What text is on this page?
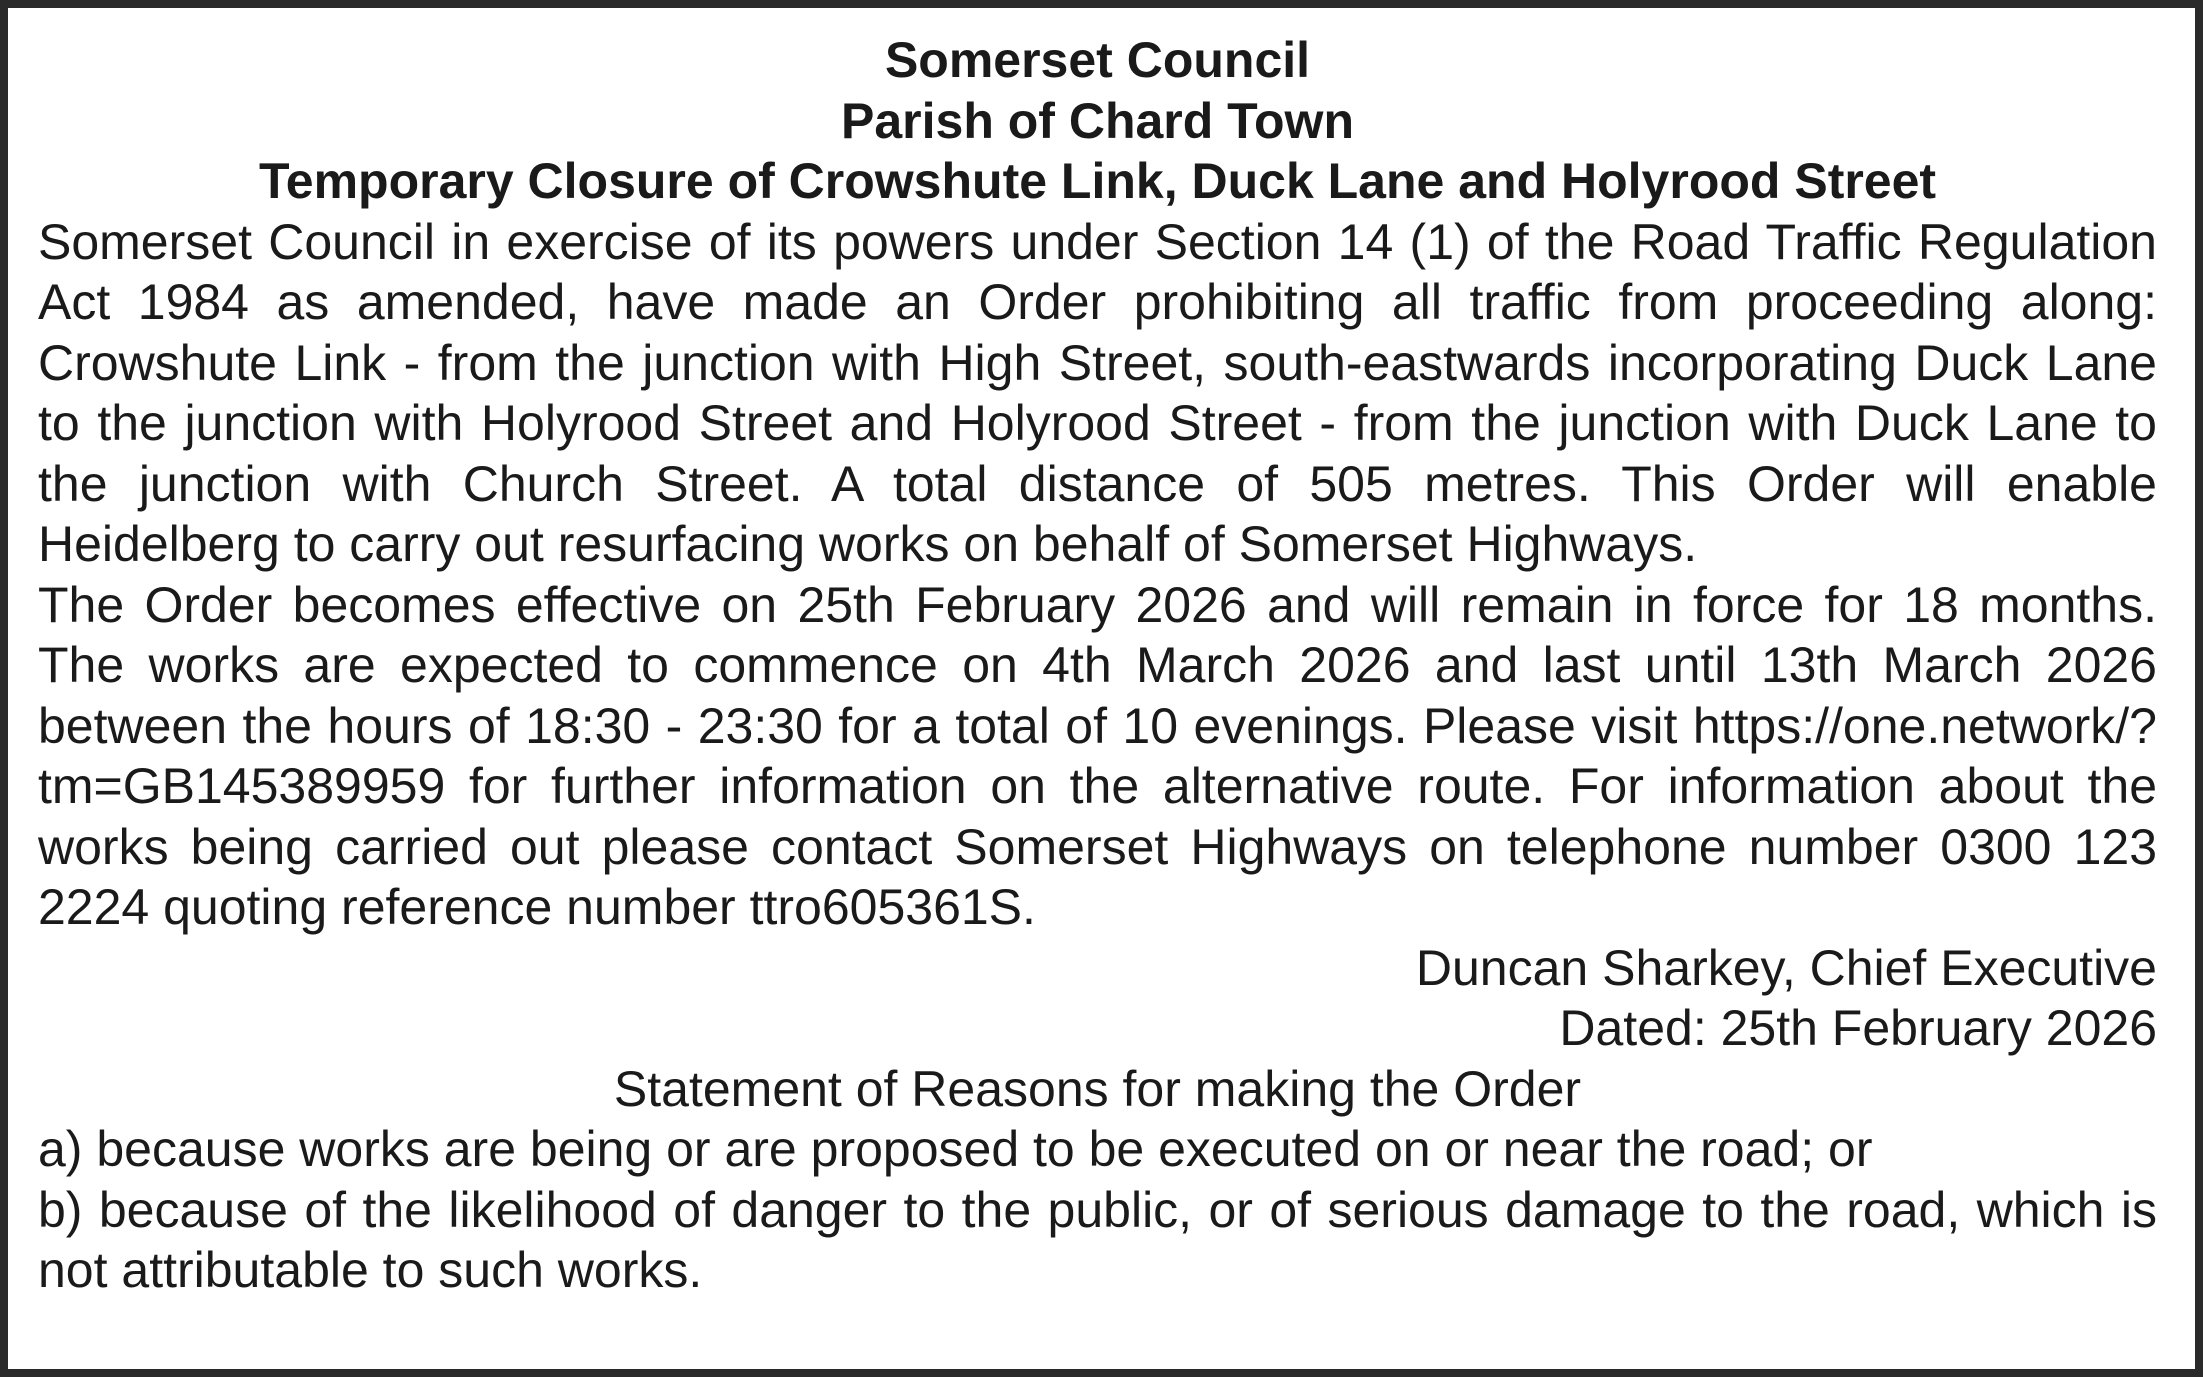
Somerset Council
Parish of Chard Town
Temporary Closure of Crowshute Link, Duck Lane and Holyrood Street
Somerset Council in exercise of its powers under Section 14 (1) of the Road Traffic Regulation Act 1984 as amended, have made an Order prohibiting all traffic from proceeding along: Crowshute Link - from the junction with High Street, south-eastwards incorporating Duck Lane to the junction with Holyrood Street and Holyrood Street - from the junction with Duck Lane to the junction with Church Street. A total distance of 505 metres. This Order will enable Heidelberg to carry out resurfacing works on behalf of Somerset Highways.
The Order becomes effective on 25th February 2026 and will remain in force for 18 months. The works are expected to commence on 4th March 2026 and last until 13th March 2026 between the hours of 18:30 - 23:30 for a total of 10 evenings. Please visit https://one.network/?tm=GB145389959 for further information on the alternative route. For information about the works being carried out please contact Somerset Highways on telephone number 0300 123 2224 quoting reference number ttro605361S.
Duncan Sharkey, Chief Executive
Dated: 25th February 2026
Statement of Reasons for making the Order
a) because works are being or are proposed to be executed on or near the road; or
b) because of the likelihood of danger to the public, or of serious damage to the road, which is not attributable to such works.
